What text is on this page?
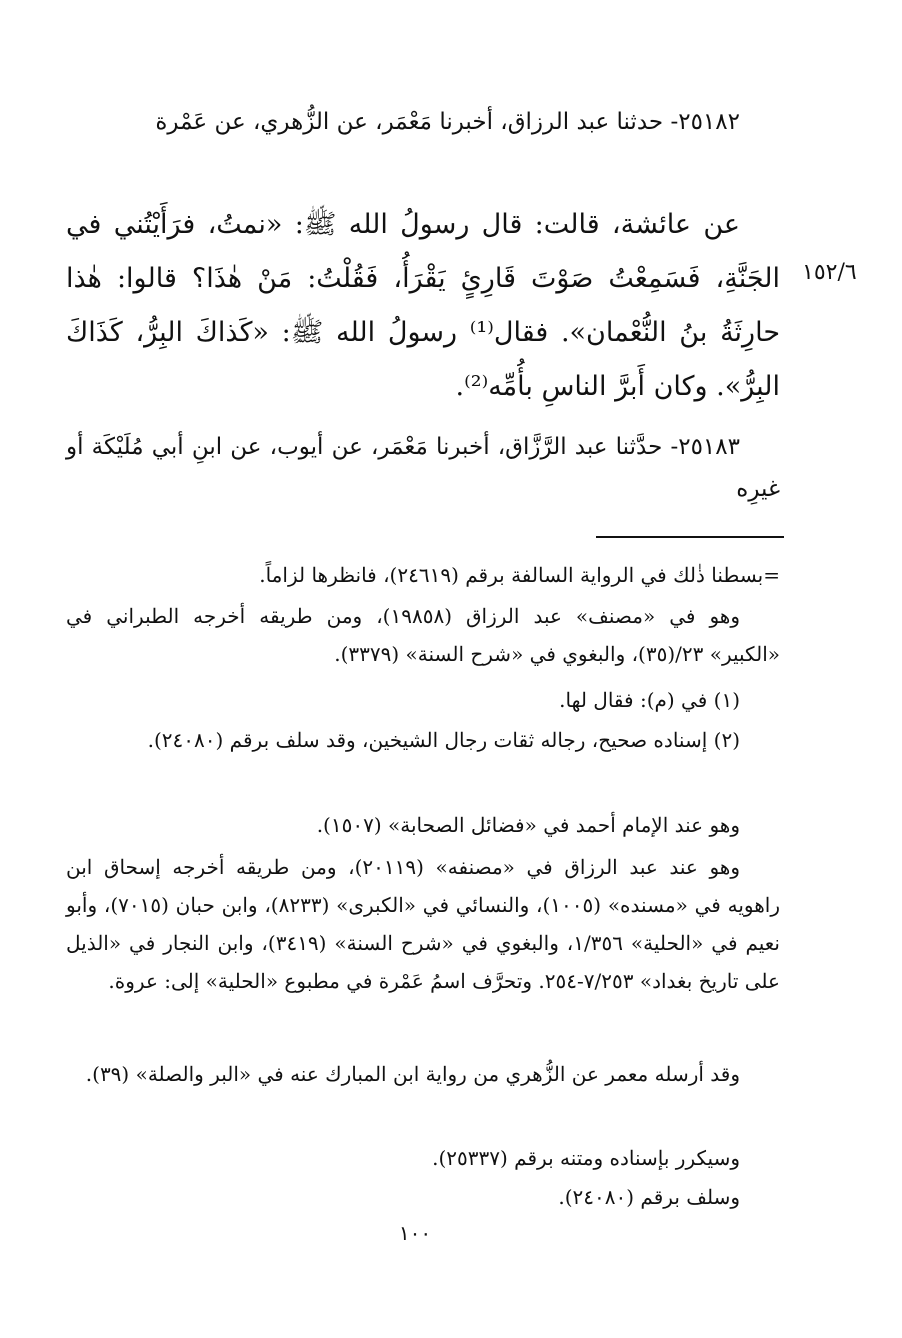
١٥٢/٦
٢٥١٨٢- حدثنا عبد الرزاق، أخبرنا مَعْمَر، عن الزُّهري، عن عَمْرة
عن عائشة، قالت: قال رسولُ الله ﷺ: «نمتُ، فرَأَيْتُني في الجَنَّةِ، فَسَمِعْتُ صَوْتَ قَارِئٍ يَقْرَأُ، فَقُلْتُ: مَنْ هٰذَا؟ قالوا: هٰذا حارِثَةُ بنُ النُّعْمان». فقال⁽¹⁾ رسولُ الله ﷺ: «كَذاكَ البِرُّ، كَذَاكَ البِرُّ». وكان أَبرَّ الناسِ بأُمِّه⁽²⁾.
٢٥١٨٣- حدَّثنا عبد الرَّزَّاق، أخبرنا مَعْمَر، عن أيوب، عن ابنِ أبي مُلَيْكَة أو غيرِه
=بسطنا ذٰلك في الرواية السالفة برقم (٢٤٦١٩)، فانظرها لزاماً.
وهو في «مصنف» عبد الرزاق (١٩٨٥٨)، ومن طريقه أخرجه الطبراني في «الكبير» ٢٣/(٣٥)، والبغوي في «شرح السنة» (٣٣٧٩).
(١) في (م): فقال لها.
(٢) إسناده صحيح، رجاله ثقات رجال الشيخين، وقد سلف برقم (٢٤٠٨٠).
وهو عند الإمام أحمد في «فضائل الصحابة» (١٥٠٧).
وهو عند عبد الرزاق في «مصنفه» (٢٠١١٩)، ومن طريقه أخرجه إسحاق ابن راهويه في «مسنده» (١٠٠٥)، والنسائي في «الكبرى» (٨٢٣٣)، وابن حبان (٧٠١٥)، وأبو نعيم في «الحلية» ١/٣٥٦، والبغوي في «شرح السنة» (٣٤١٩)، وابن النجار في «الذيل على تاريخ بغداد» ٧/٢٥٣-٢٥٤. وتحرَّف اسمُ عَمْرة في مطبوع «الحلية» إلى: عروة.
وقد أرسله معمر عن الزُّهري من رواية ابن المبارك عنه في «البر والصلة» (٣٩).
وسيكرر بإسناده ومتنه برقم (٢٥٣٣٧).
وسلف برقم (٢٤٠٨٠).
١٠٠
